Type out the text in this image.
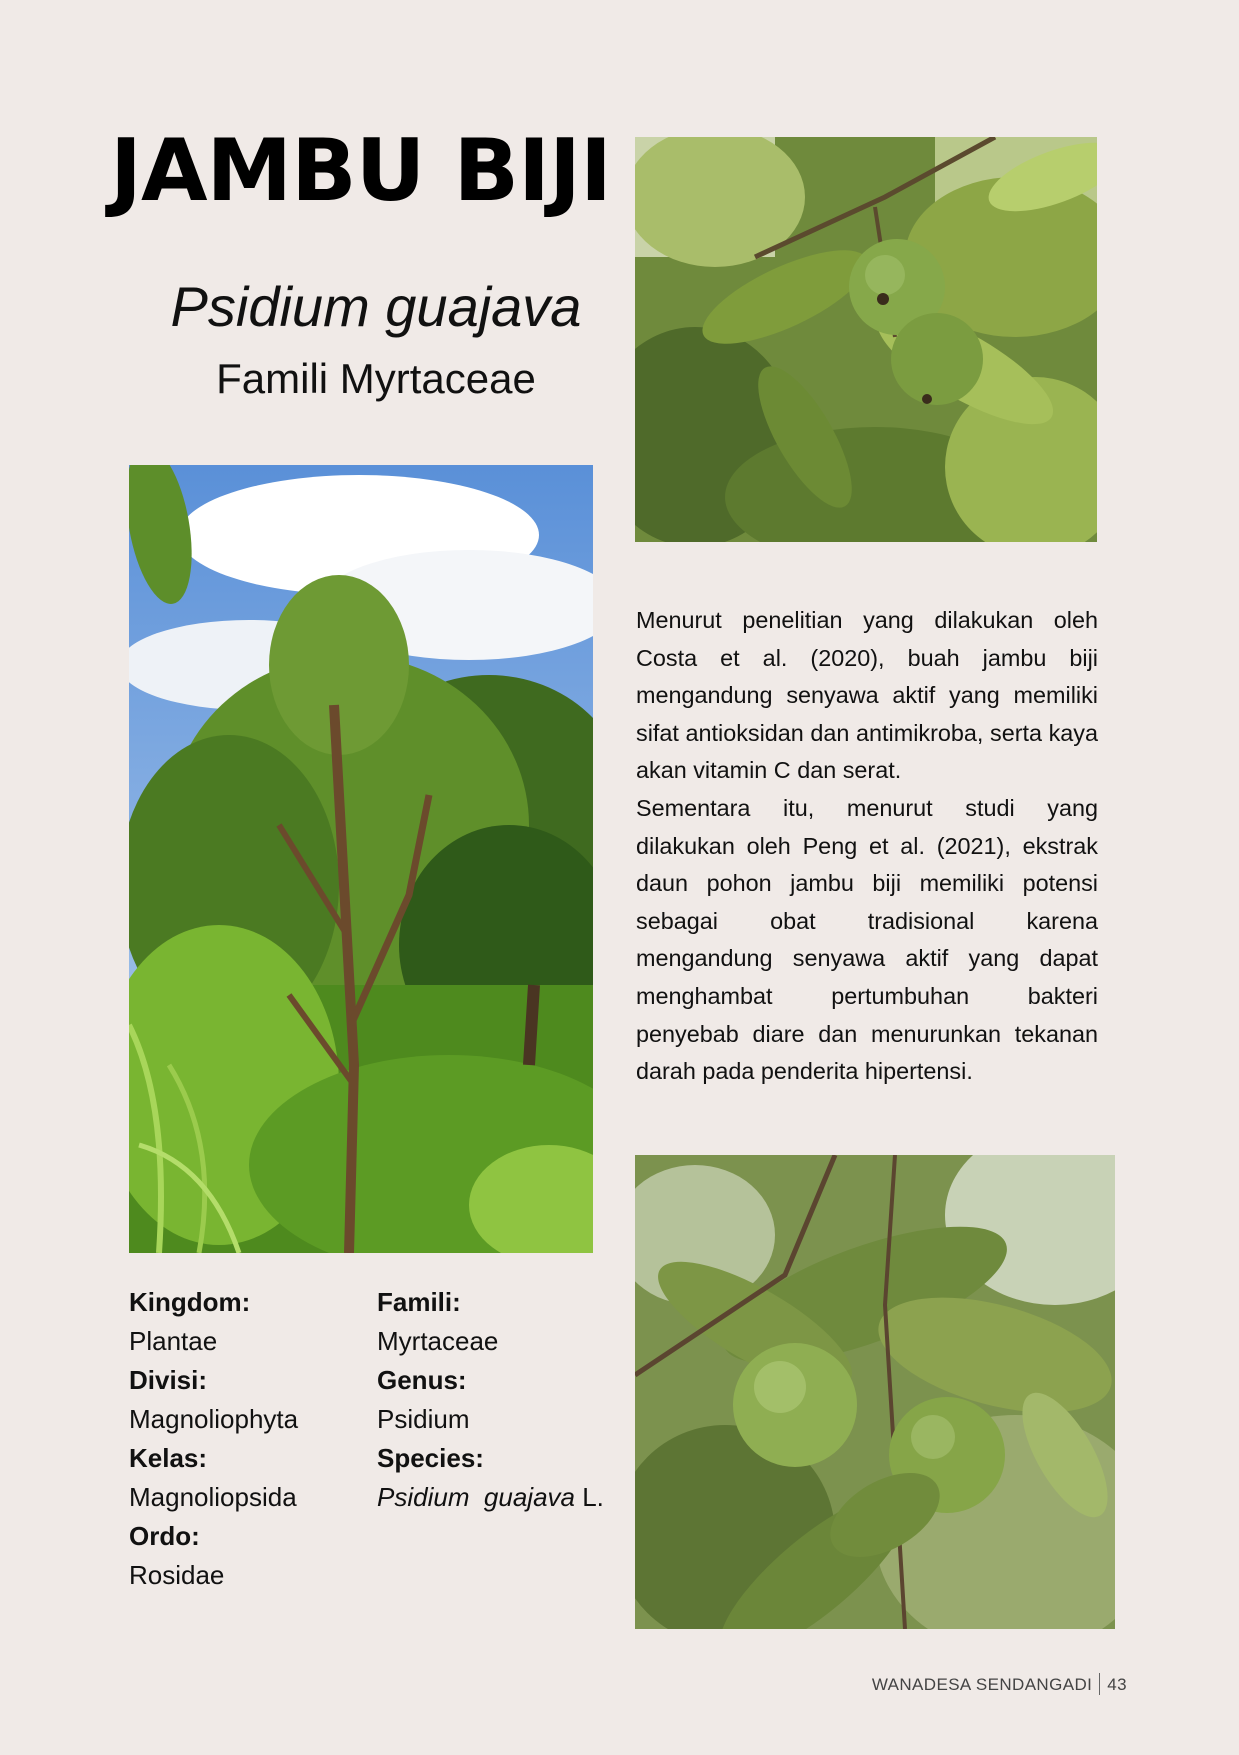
JAMBU BIJI
Psidium guajava
Famili Myrtaceae

Menurut penelitian yang dilakukan oleh Costa et al. (2020), buah jambu biji mengandung senyawa aktif yang memiliki sifat antioksidan dan antimikroba, serta kaya akan vitamin C dan serat.

Sementara itu, menurut studi yang dilakukan oleh Peng et al. (2021), ekstrak daun pohon jambu biji memiliki potensi sebagai obat tradisional karena mengandung senyawa aktif yang dapat menghambat pertumbuhan bakteri penyebab diare dan menurunkan tekanan darah pada penderita hipertensi.

Kingdom:
Plantae
Divisi:
Magnoliophyta
Kelas:
Magnoliopsida
Ordo:
Rosidae
Famili:
Myrtaceae
Genus:
Psidium
Species:
Psidium  guajava L.
WANADESA SENDANGADI 43
